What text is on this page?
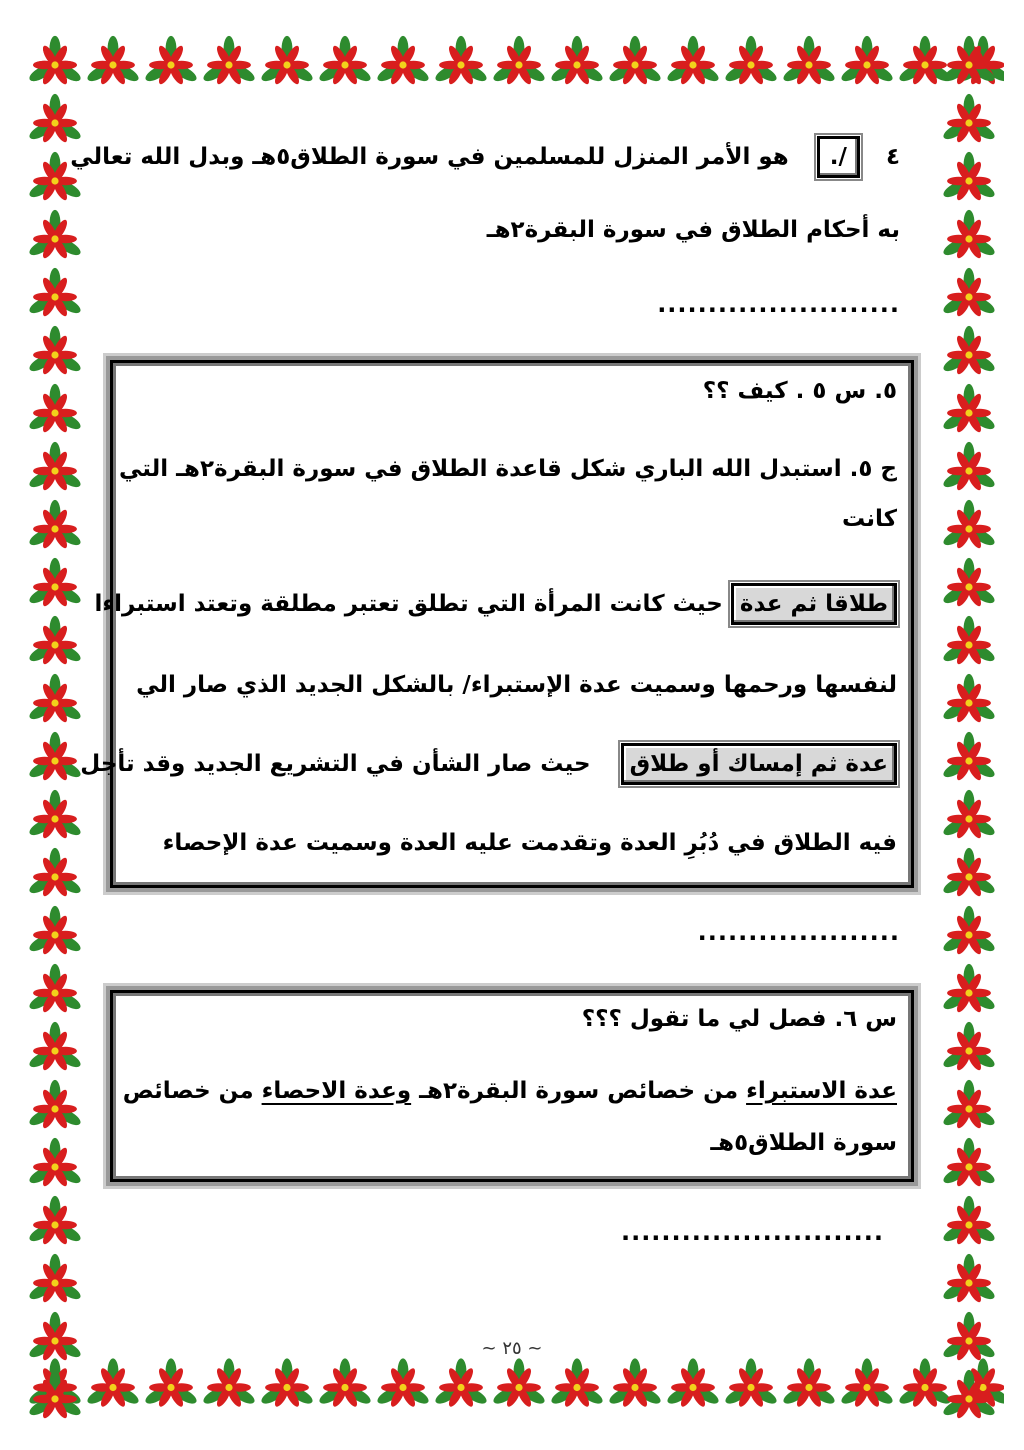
٤  /.  هو الأمر المنزل للمسلمين في سورة الطلاق٥هـ وبدل الله تعالي
به أحكام الطلاق في سورة البقرة٢هـ
........................
٥. س ٥ . كيف ؟؟
ج ٥. استبدل الله الباري شكل قاعدة الطلاق في سورة البقرة٢هـ التي
كانت
طلاقا ثم عدة حيث كانت المرأة التي تطلق تعتبر مطلقة وتعتد استبراءا
لنفسها ورحمها وسميت عدة الإستبراء/ بالشكل الجديد الذي صار الي
عدة ثم إمساك أو طلاق  حيث صار الشأن في التشريع الجديد وقد تأجل
فيه الطلاق في دُبُرِ العدة وتقدمت عليه العدة وسميت عدة الإحصاء
....................
س ٦. فصل لي ما تقول ؟؟؟
عدة الاستبراء من خصائص سورة البقرة٢هـ وعدة الاحصاء من خصائص
سورة الطلاق٥هـ
..........................
~ ٢٥ ~
